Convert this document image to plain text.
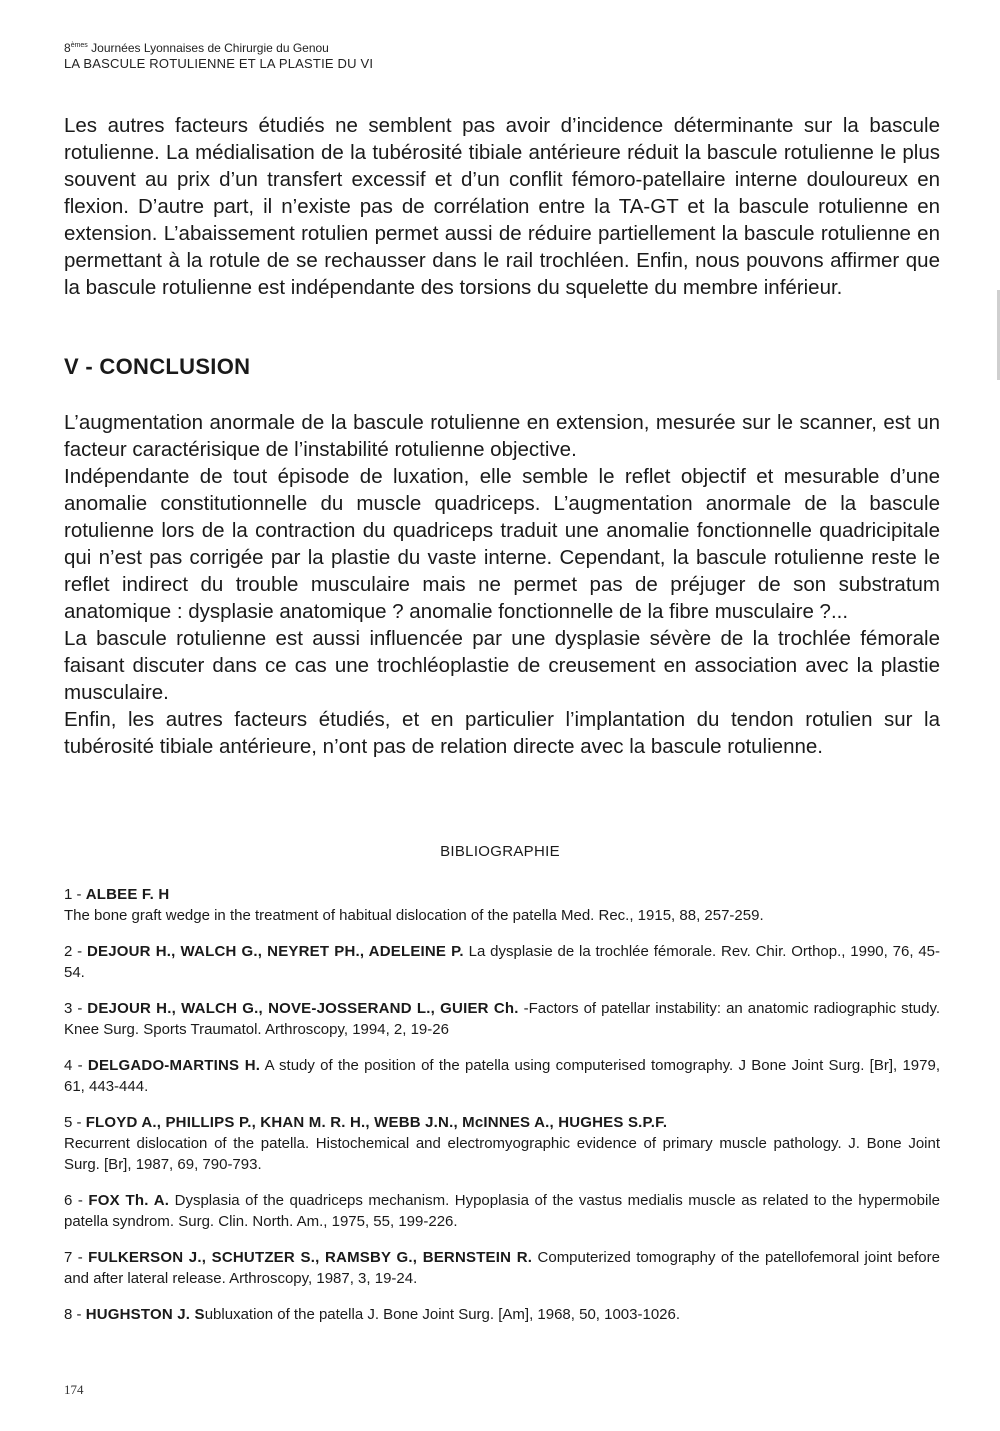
8èmes Journées Lyonnaises de Chirurgie du Genou
LA BASCULE ROTULIENNE ET LA PLASTIE DU VI

Les autres facteurs étudiés ne semblent pas avoir d’incidence déterminante sur la bascule rotulienne. La médialisation de la tubérosité tibiale antérieure réduit la bascule rotulienne le plus souvent au prix d’un transfert excessif et d’un conflit fémoro-patellaire interne douloureux en flexion. D’autre part, il n’existe pas de corrélation entre la TA-GT et la bascule rotulienne en extension. L’abaissement rotulien permet aussi de réduire partiellement la bascule rotulienne en permettant à la rotule de se rechausser dans le rail trochléen. Enfin, nous pouvons affirmer que la bascule rotulienne est indépendante des torsions du squelette du membre inférieur.

V - CONCLUSION

L’augmentation anormale de la bascule rotulienne en extension, mesurée sur le scanner, est un facteur caractérisique de l’instabilité rotulienne objective.

Indépendante de tout épisode de luxation, elle semble le reflet objectif et mesurable d’une anomalie constitutionnelle du muscle quadriceps. L’augmentation anormale de la bascule rotulienne lors de la contraction du quadriceps traduit une anomalie fonctionnelle quadricipitale qui n’est pas corrigée par la plastie du vaste interne. Cependant, la bascule rotulienne reste le reflet indirect du trouble musculaire mais ne permet pas de préjuger de son substratum anatomique : dysplasie anatomique ? anomalie fonctionnelle de la fibre musculaire ?...

La bascule rotulienne est aussi influencée par une dysplasie sévère de la trochlée fémorale faisant discuter dans ce cas une trochléoplastie de creusement en association avec la plastie musculaire.

Enfin, les autres facteurs étudiés, et en particulier l’implantation du tendon rotulien sur la tubérosité tibiale antérieure, n’ont pas de relation directe avec la bascule rotulienne.

BIBLIOGRAPHIE

1 - ALBEE F. H
The bone graft wedge in the treatment of habitual dislocation of the patella Med. Rec., 1915, 88, 257-259.

2 - DEJOUR H., WALCH G., NEYRET PH., ADELEINE P. La dysplasie de la trochlée fémorale. Rev. Chir. Orthop., 1990, 76, 45-54.

3 - DEJOUR H., WALCH G., NOVE-JOSSERAND L., GUIER Ch. -Factors of patellar instability: an anatomic radiographic study. Knee Surg. Sports Traumatol. Arthroscopy, 1994, 2, 19-26

4 - DELGADO-MARTINS H. A study of the position of the patella using computerised tomography. J Bone Joint Surg. [Br], 1979, 61, 443-444.

5 - FLOYD A., PHILLIPS P., KHAN M. R. H., WEBB J.N., McINNES A., HUGHES S.P.F.
Recurrent dislocation of the patella. Histochemical and electromyographic evidence of primary muscle pathology. J. Bone Joint Surg. [Br], 1987, 69, 790-793.

6 - FOX Th. A. Dysplasia of the quadriceps mechanism. Hypoplasia of the vastus medialis muscle as related to the hypermobile patella syndrom. Surg. Clin. North. Am., 1975, 55, 199-226.

7 - FULKERSON J., SCHUTZER S., RAMSBY G., BERNSTEIN R. Computerized tomography of the patellofemoral joint before and after lateral release. Arthroscopy, 1987, 3, 19-24.

8 - HUGHSTON J. Subluxation of the patella J. Bone Joint Surg. [Am], 1968, 50, 1003-1026.

174
